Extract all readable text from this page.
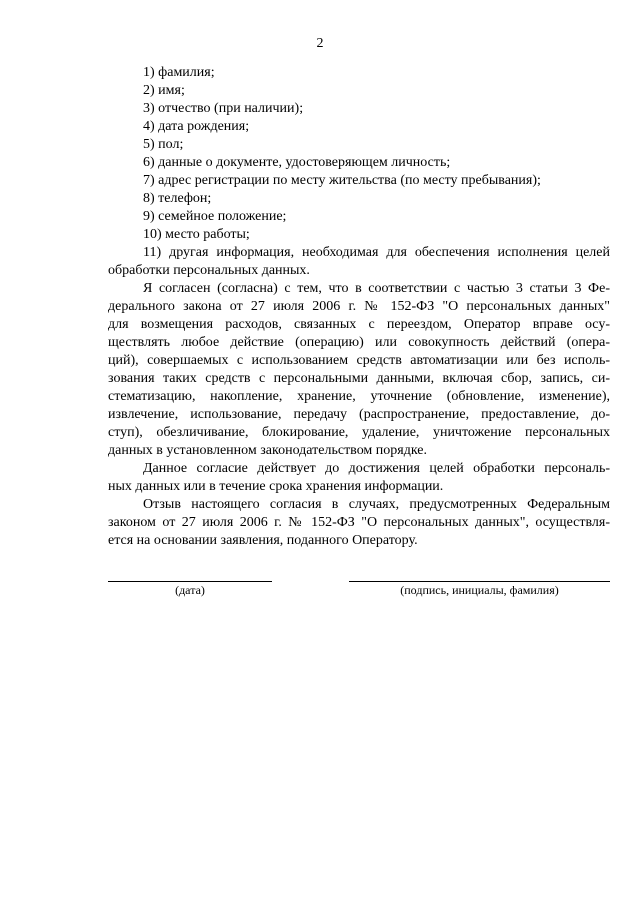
2
1) фамилия;
2) имя;
3) отчество (при наличии);
4) дата рождения;
5) пол;
6) данные о документе, удостоверяющем личность;
7) адрес регистрации по месту жительства (по месту пребывания);
8) телефон;
9) семейное положение;
10) место работы;
11) другая информация, необходимая для обеспечения исполнения целей
обработки персональных данных.
Я согласен (согласна) с тем, что в соответствии с частью 3 статьи 3 Фе-
дерального закона от 27 июля 2006 г. № 152-ФЗ "О персональных данных"
для возмещения расходов, связанных с переездом, Оператор вправе осу-
ществлять любое действие (операцию) или совокупность действий (опера-
ций), совершаемых с использованием средств автоматизации или без исполь-
зования таких средств с персональными данными, включая сбор, запись, си-
стематизацию, накопление, хранение, уточнение (обновление, изменение),
извлечение, использование, передачу (распространение, предоставление, до-
ступ), обезличивание, блокирование, удаление, уничтожение персональных
данных в установленном законодательством порядке.
Данное согласие действует до достижения целей обработки персональ-
ных данных или в течение срока хранения информации.
Отзыв настоящего согласия в случаях, предусмотренных Федеральным
законом от 27 июля 2006 г. № 152-ФЗ "О персональных данных", осуществля-
ется на основании заявления, поданного Оператору.
(дата)	(подпись, инициалы, фамилия)
